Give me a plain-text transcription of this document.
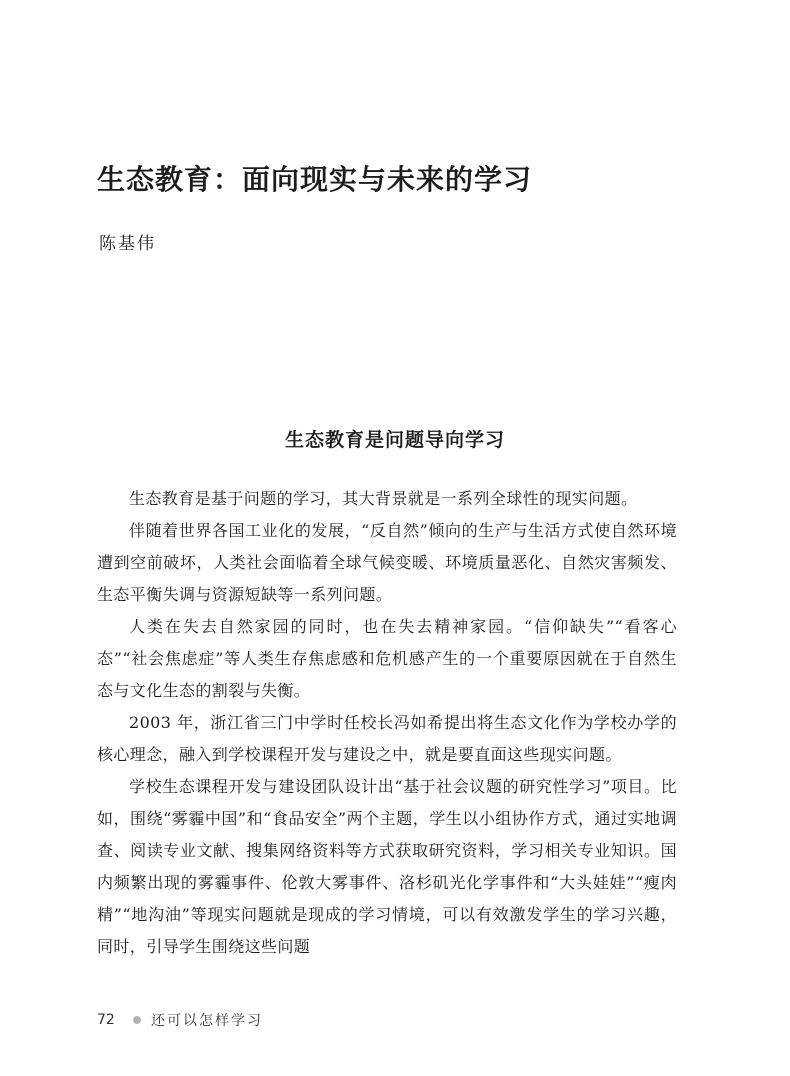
生态教育：面向现实与未来的学习
陈基伟
生态教育是问题导向学习

生态教育是基于问题的学习，其大背景就是一系列全球性的现实问题。

伴随着世界各国工业化的发展，“反自然”倾向的生产与生活方式使自然环境遭到空前破坏，人类社会面临着全球气候变暖、环境质量恶化、自然灾害频发、生态平衡失调与资源短缺等一系列问题。

人类在失去自然家园的同时，也在失去精神家园。“信仰缺失”“看客心态”“社会焦虑症”等人类生存焦虑感和危机感产生的一个重要原因就在于自然生态与文化生态的割裂与失衡。

2003 年，浙江省三门中学时任校长冯如希提出将生态文化作为学校办学的核心理念，融入到学校课程开发与建设之中，就是要直面这些现实问题。

学校生态课程开发与建设团队设计出“基于社会议题的研究性学习”项目。比如，围绕“雾霾中国”和“食品安全”两个主题，学生以小组协作方式，通过实地调查、阅读专业文献、搜集网络资料等方式获取研究资料，学习相关专业知识。国内频繁出现的雾霾事件、伦敦大雾事件、洛杉矶光化学事件和“大头娃娃”“瘦肉精”“地沟油”等现实问题就是现成的学习情境，可以有效激发学生的学习兴趣，同时，引导学生围绕这些问题

72	还可以怎样学习
